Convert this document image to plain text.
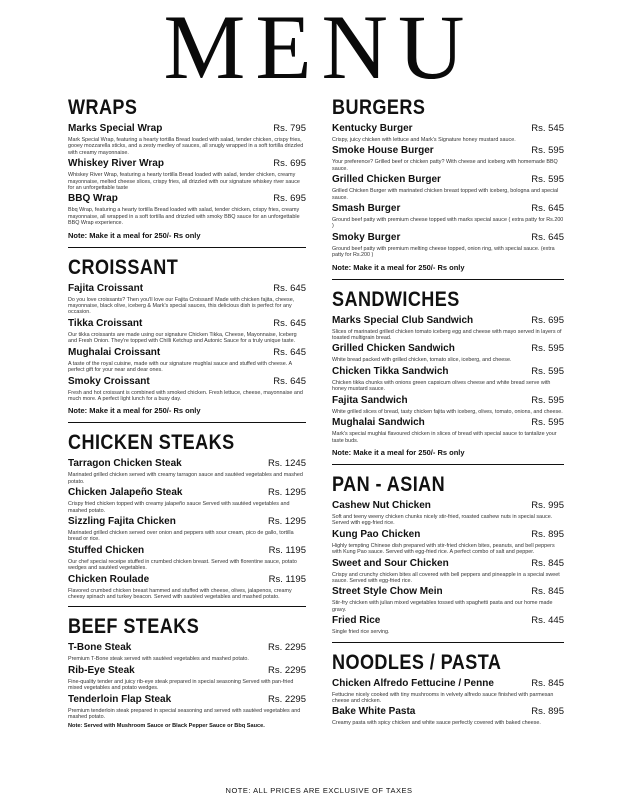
MENU
WRAPS
Marks Special Wrap	Rs. 795
Mark Special Wrap, featuring a hearty tortilla Bread loaded with salad, tender chicken, crispy fries, gooey mozzarella sticks, and a zesty medley of sauces, all snugly wrapped in a soft tortilla drizzled with creamy mayonnaise.
Whiskey River Wrap	Rs. 695
Whiskey River Wrap, featuring a hearty tortilla Bread loaded with salad, tender chicken, creamy mayonnaise, melted cheese slices, crispy fries, all drizzled with our signature whiskey river sauce for an unforgettable taste
BBQ Wrap	Rs. 695
Bbq Wrap, featuring a hearty tortilla Bread loaded with salad, tender chicken, crispy fries, creamy mayonnaise, all wrapped in a soft tortilla and drizzled with smoky BBQ sauce for an unforgettable BBQ Wrap experience.
Note: Make it a meal for 250/- Rs only
CROISSANT
Fajita Croissant	Rs. 645
Do you love croissants? Then you'll love our Fajita Croissant! Made with chicken fajita, cheese, mayonnaise, black olive, iceberg & Mark's special sauces, this delicious dish is perfect for any occasion.
Tikka Croissant	Rs. 645
Our tikka croissants are made using our signature Chicken Tikka, Cheese, Mayonnaise, Iceberg and Fresh Onion. They're topped with Chilli Ketchup and Autonic Sauce for a truly unique taste.
Mughalai Croissant	Rs. 645
A taste of the royal cuisine, made with our signature mughlai sauce and stuffed with cheese. A perfect gift for your near and dear ones.
Smoky Croissant	Rs. 645
Fresh and hot croissant is combined with smoked chicken. Fresh lettuce, cheese, mayonnaise and much more. A perfect light lunch for a busy day.
Note: Make it a meal for 250/- Rs only
CHICKEN STEAKS
Tarragon Chicken Steak	Rs. 1245
Marinated grilled chicken served with creamy tarragon sauce and sautéed vegetables and mashed potato.
Chicken Jalapeño Steak	Rs. 1295
Crispy fried chicken topped with creamy jalapeño sauce Served with sautéed vegetables and mashed potato.
Sizzling Fajita Chicken	Rs. 1295
Marinated grilled chicken served over onion and peppers with sour cream, pico de gallo, tortilla bread or rice.
Stuffed Chicken	Rs. 1195
Our chef special receipe stuffed in crumbed chicken breast. Served with florentine sauce, potato wedges and sautéed vegetables.
Chicken Roulade	Rs. 1195
Flavored crumbed chicken breast hammed and stuffed with cheese, olives, jalapenos, creamy cheesy spinach and turkey beacon. Served with sautéed vegetables and mashed potato.
BEEF STEAKS
T-Bone Steak	Rs. 2295
Premium T-Bone steak served with sautéed vegetables and mashed potato.
Rib-Eye Steak	Rs. 2295
Fine-quality tender and juicy rib-eye steak prepared in special seasoning Served with pan-fried mixed vegetables and potato wedges.
Tenderloin Flap Steak	Rs. 2295
Premium tenderloin steak prepared in special seasoning and served with sautéed vegetables and mashed potato.
Note: Served with Mushroom Sauce or Black Pepper Sauce or Bbq Sauce.
BURGERS
Kentucky Burger	Rs. 545
Crispy, juicy chicken with lettuce and Mark's Signature honey mustard sauce.
Smoke House Burger	Rs. 595
Your preference? Grilled beef or chicken patty? With cheese and iceberg with homemade BBQ sauce.
Grilled Chicken Burger	Rs. 595
Grilled Chicken Burger with marinated chicken breast topped with iceberg, bologna and special sauce.
Smash Burger	Rs. 645
Ground beef patty with premium cheese topped with marks special sauce ( extra patty for Rs.200 )
Smoky Burger	Rs. 645
Ground beef patty with premium melting cheese topped, onion ring, with special sauce. (extra patty for Rs.200 )
Note: Make it a meal for 250/- Rs only
SANDWICHES
Marks Special Club Sandwich	Rs. 695
Slices of marinated grilled chicken tomato iceberg egg and cheese with mayo served in layers of toasted multigrain bread.
Grilled Chicken Sandwich	Rs. 595
White bread packed with grilled chicken, tomato slice, iceberg, and cheese.
Chicken Tikka Sandwich	Rs. 595
Chicken tikka chunks with onions green capsicum olives cheese and white bread serve with honey mustard sauce.
Fajita Sandwich	Rs. 595
White grilled slices of bread, tasty chicken fajita with iceberg, olives, tomato, onions, and cheese.
Mughalai Sandwich	Rs. 595
Mark's special mughlai flavoured chicken in slices of bread with special sauce to tantalize your taste buds.
Note: Make it a meal for 250/- Rs only
PAN - ASIAN
Cashew Nut Chicken	Rs. 995
Soft and teeny weeny chicken chunks nicely stir-fried, roasted cashew nuts in special sauce. Served with egg-fried rice.
Kung Pao Chicken	Rs. 895
Highly tempting Chinese dish prepared with stir-fried chicken bites, peanuts, and bell peppers with Kung Pao sauce. Served with egg-fried rice. A perfect combo of salt and pepper.
Sweet and Sour Chicken	Rs. 845
Crispy and crunchy chicken bites all covered with bell peppers and pineapple in a special sweet sauce. Served with egg-fried rice.
Street Style Chow Mein	Rs. 845
Stir-fry chicken with julian mixed vegetables tossed with spaghetti pasta and our home made gravy.
Fried Rice	Rs. 445
Single fried rice serving.
NOODLES / PASTA
Chicken Alfredo Fettucine / Penne	Rs. 845
Fettucine nicely cooked with tiny mushrooms in velvety alfredo sauce finished with parmesan cheese and chicken.
Bake White Pasta	Rs. 895
Creamy pasta with spicy chicken and white sauce perfectly covered with baked cheese.
NOTE: ALL PRICES ARE EXCLUSIVE OF TAXES
